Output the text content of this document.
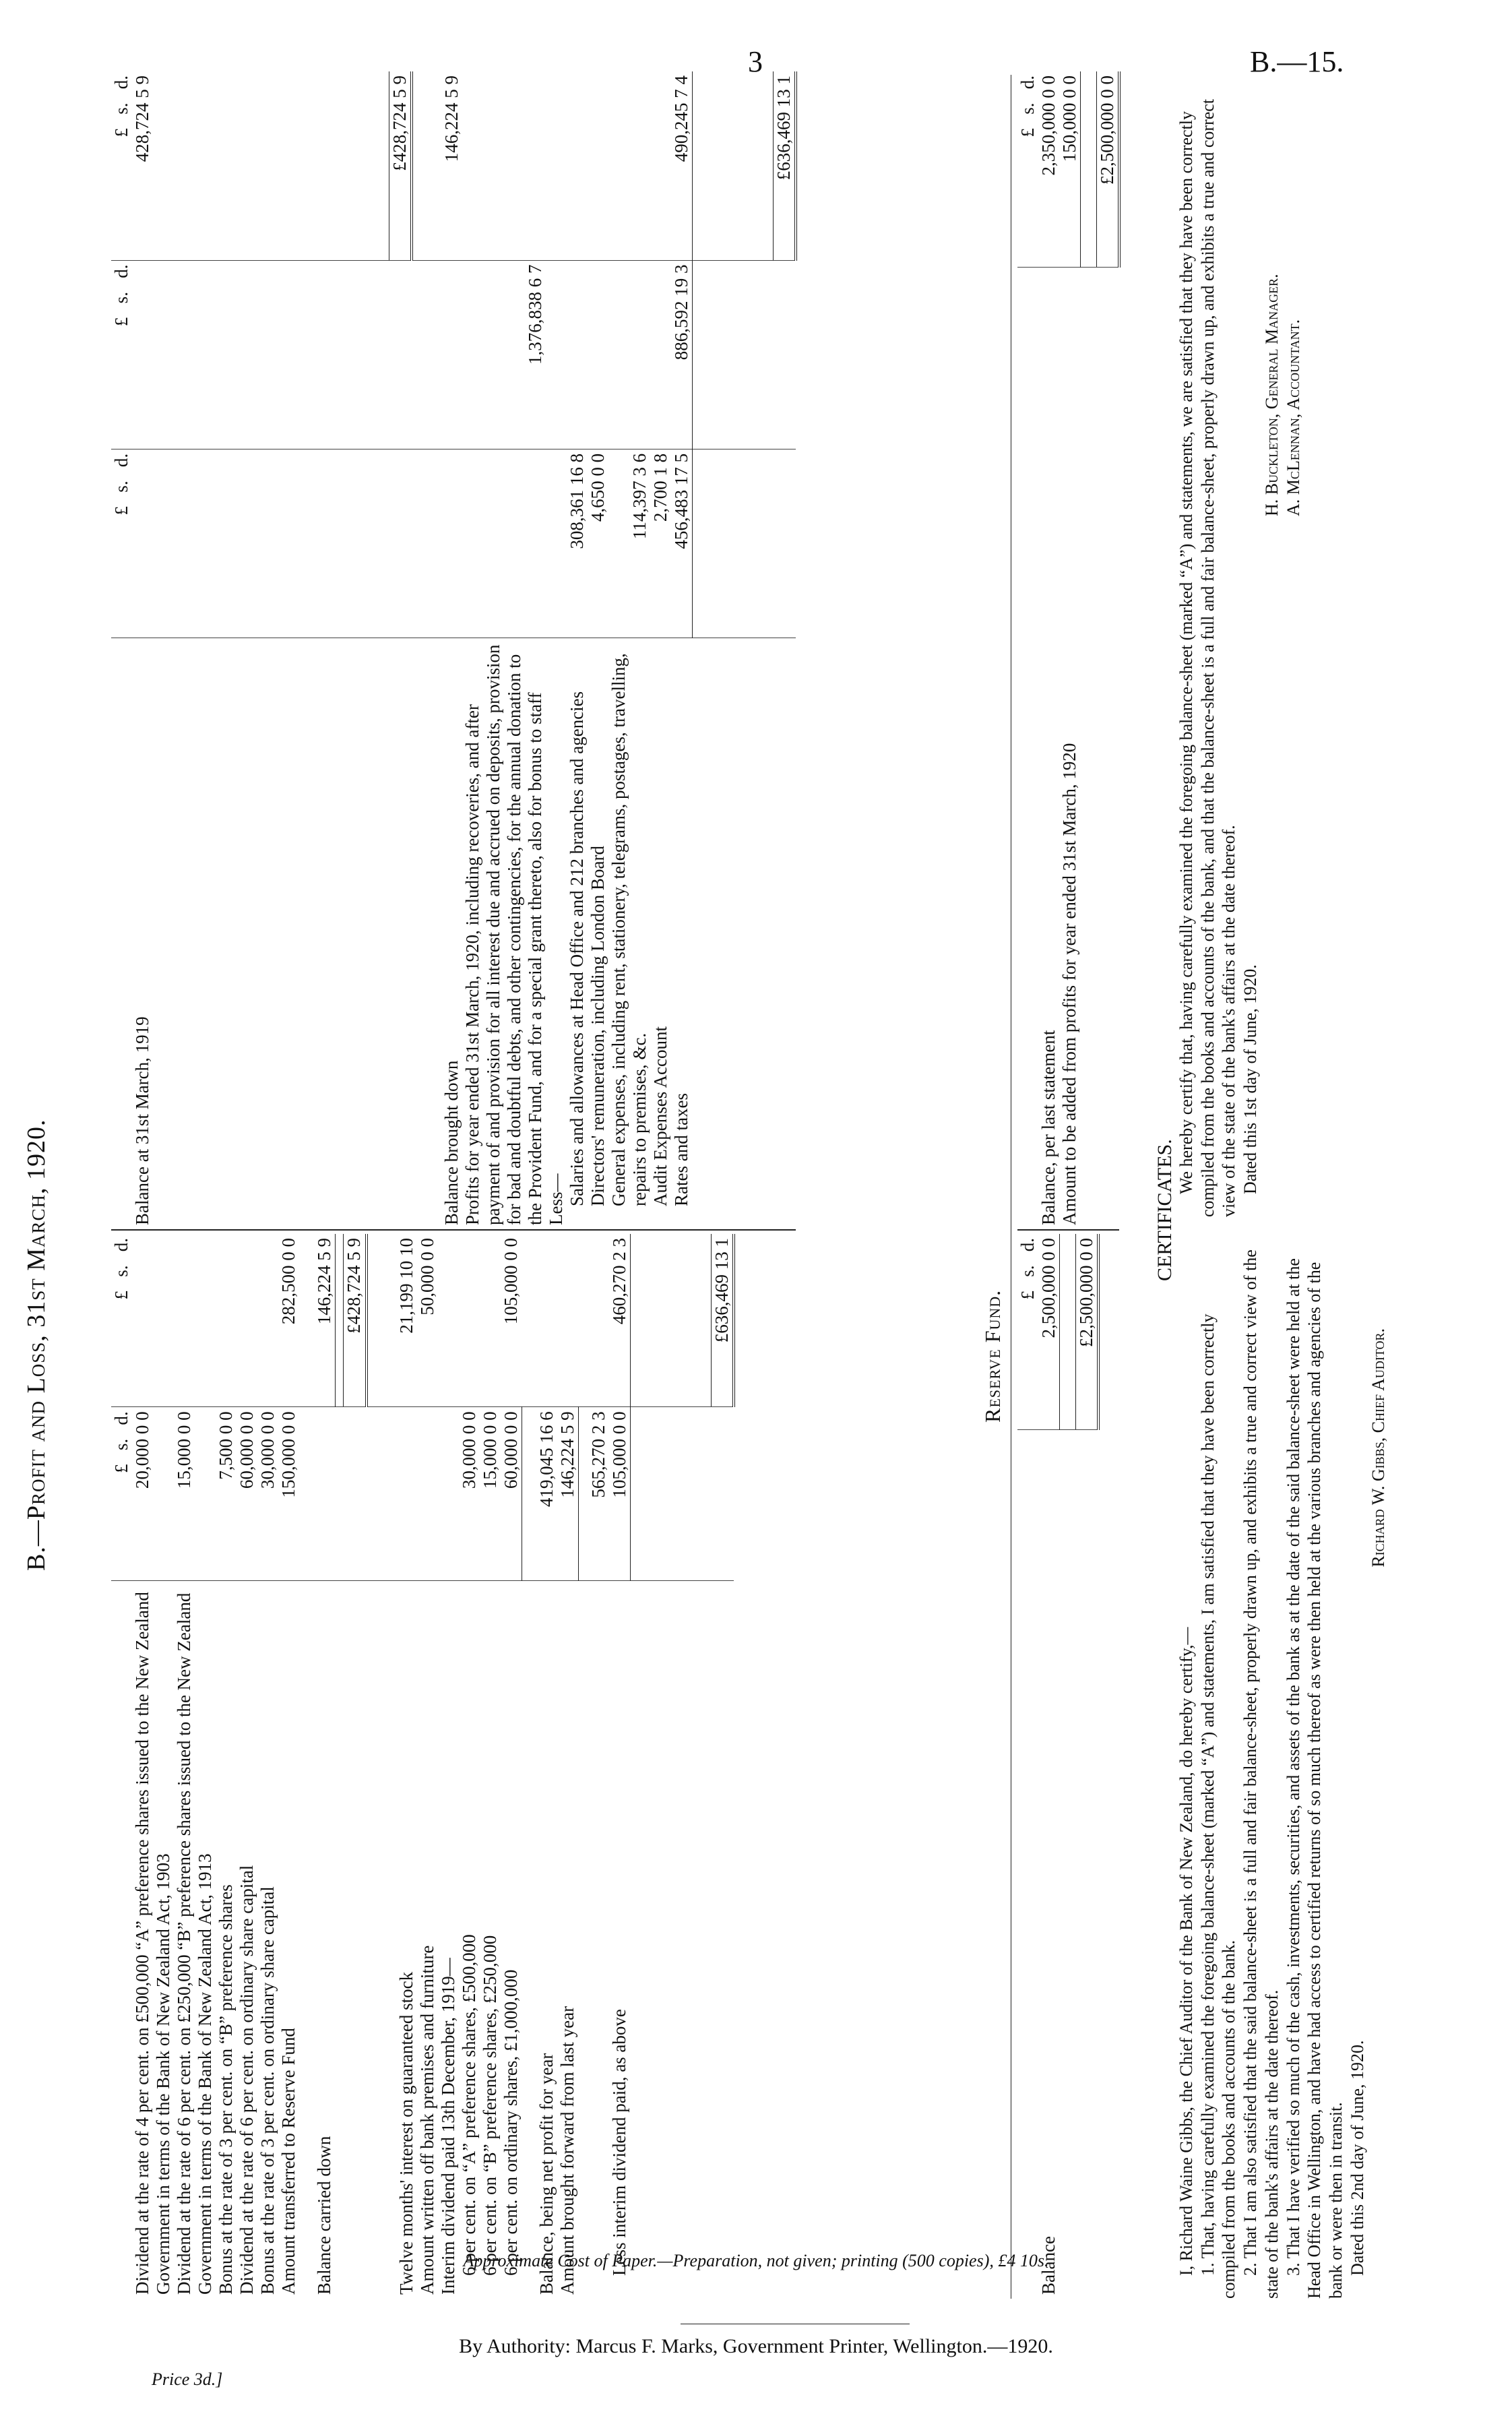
3	B.—15.
B.—Profit and Loss, 31st March, 1920.
		£   s.   d.	£   s.   d.
Dividend at the rate of 4 per cent. on £500,000 “A” preference shares issued to the New Zealand Government in terms of the Bank of New Zealand Act, 1903	20,000 0 0	
Dividend at the rate of 6 per cent. on £250,000 “B” preference shares issued to the New Zealand Government in terms of the Bank of New Zealand Act, 1913	15,000 0 0	
Bonus at the rate of 3 per cent. on “B” preference shares	7,500 0 0	
Dividend at the rate of 6 per cent. on ordinary share capital	60,000 0 0	
Bonus at the rate of 3 per cent. on ordinary share capital	30,000 0 0	
Amount transferred to Reserve Fund	150,000 0 0	282,500 0 0

Balance carried down		146,224 5 9

		£428,724 5 9

Twelve months' interest on guaranteed stock		21,199 10 10
Amount written off bank premises and furniture		50,000 0 0
Interim dividend paid 13th December, 1919—		
6 per cent. on “A” preference shares, £500,000	30,000 0 0	
6 per cent. on “B” preference shares, £250,000	15,000 0 0	
6 per cent. on ordinary shares, £1,000,000	60,000 0 0	105,000 0 0

Balance, being net profit for year	419,045 16 6	
Amount brought forward from last year	146,224 5 9	

	565,270 2 3	
Less interim dividend paid, as above	105,000 0 0	460,270 2 3

		£636,469 13 1
	£   s.   d.	£   s.   d.	£   s.   d.
Balance at 31st March, 1919			428,724 5 9

			£428,724 5 9

Balance brought down			146,224 5 9
Profits for year ended 31st March, 1920, including recoveries, and after payment of and provision for all interest due and accrued on deposits, provision for bad and doubtful debts, and other contingencies, for the annual donation to the Provident Fund, and for a special grant thereto, also for bonus to staff		1,376,838 6 7	
Less—			
Salaries and allowances at Head Office and 212 branches and agencies	308,361 16 8		
Directors' remuneration, including London Board	4,650 0 0		
General expenses, including rent, stationery, telegrams, postages, travelling, repairs to premises, &c.	114,397 3 6		
Audit Expenses Account	2,700 1 8		
Rates and taxes	456,483 17 5	886,592 19 3	490,245 7 4

			£636,469 13 1
Reserve Fund.
	£   s.   d.
Balance	2,500,000 0 0

	£2,500,000 0 0
	£   s.   d.
Balance, per last statement	2,350,000 0 0
Amount to be added from profits for year ended 31st March, 1920	150,000 0 0

	£2,500,000 0 0
CERTIFICATES.

I, Richard Waine Gibbs, the Chief Auditor of the Bank of New Zealand, do hereby certify,— 1. That, having carefully examined the foregoing balance-sheet (marked “A”) and statements, I am satisfied that they have been correctly compiled from the books and accounts of the bank. 2. That I am also satisfied that the said balance-sheet is a full and fair balance-sheet, properly drawn up, and exhibits a true and correct view of the state of the bank's affairs at the date thereof. 3. That I have verified so much of the cash, investments, securities, and assets of the bank as at the date of the said balance-sheet were held at the Head Office in Wellington, and have had access to certified returns of so much thereof as were then held at the various branches and agencies of the bank or were then in transit. Dated this 2nd day of June, 1920.

Richard W. Gibbs, Chief Auditor.

We hereby certify that, having carefully examined the foregoing balance-sheet (marked “A”) and statements, we are satisfied that they have been correctly compiled from the books and accounts of the bank, and that the balance-sheet is a full and fair balance-sheet, properly drawn up, and exhibits a true and correct view of the state of the bank's affairs at the date thereof. Dated this 1st day of June, 1920.

H. Buckleton, General Manager. A. McLennan, Accountant.

Approximate Cost of Paper.—Preparation, not given; printing (500 copies), £4 10s.
By Authority: Marcus F. Marks, Government Printer, Wellington.—1920.
Price 3d.]
